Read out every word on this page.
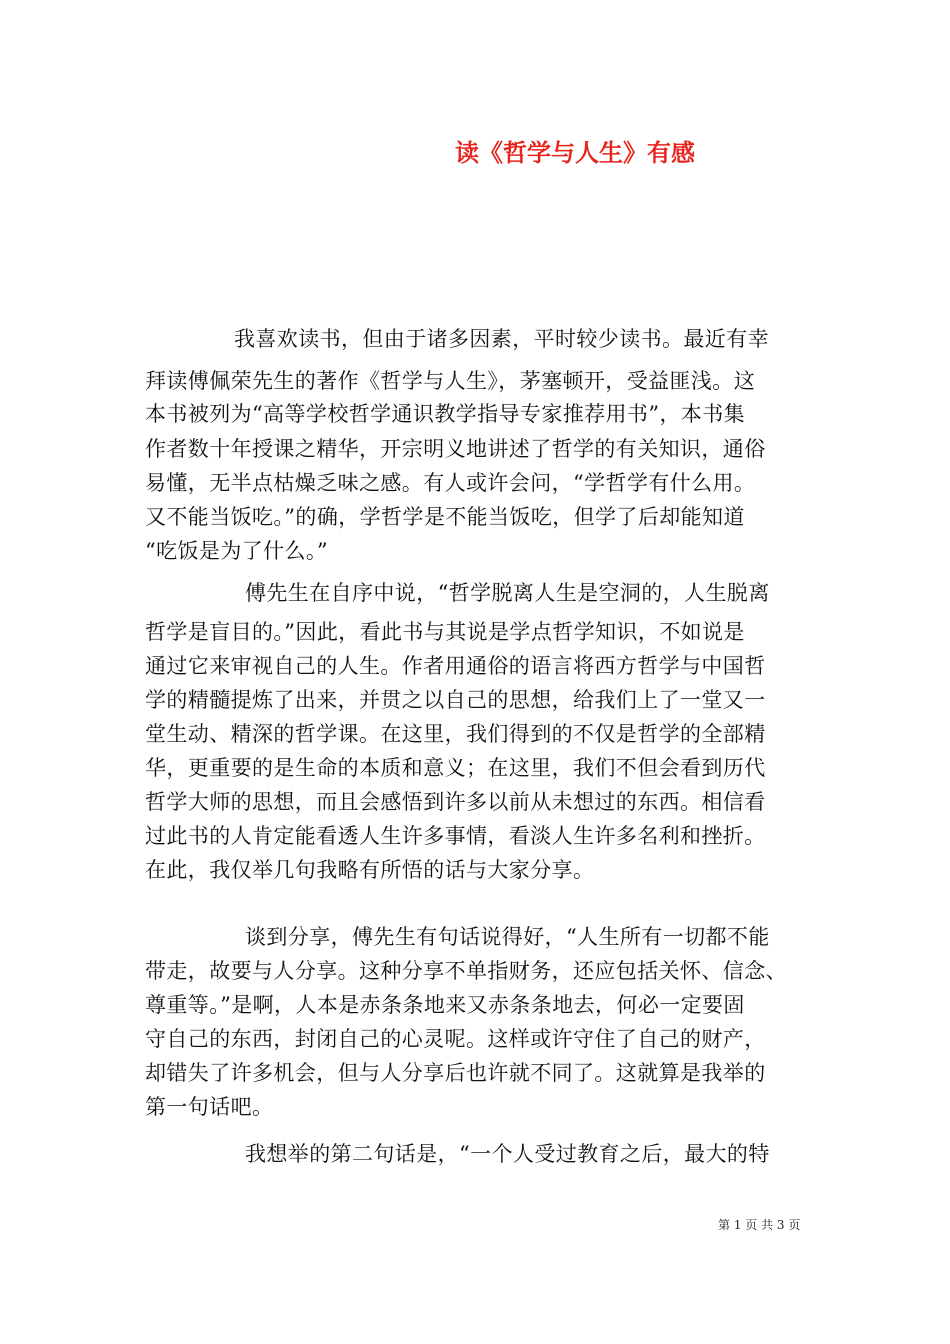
读《哲学与人生》有感
我喜欢读书，但由于诸多因素，平时较少读书。最近有幸
拜读傅佩荣先生的著作《哲学与人生》，茅塞顿开，受益匪浅。这
本书被列为“高等学校哲学通识教学指导专家推荐用书”，本书集
作者数十年授课之精华，开宗明义地讲述了哲学的有关知识，通俗
易懂，无半点枯燥乏味之感。有人或许会问，“学哲学有什么用。
又不能当饭吃。”的确，学哲学是不能当饭吃，但学了后却能知道
“吃饭是为了什么。”
傅先生在自序中说，“哲学脱离人生是空洞的，人生脱离
哲学是盲目的。”因此，看此书与其说是学点哲学知识，不如说是
通过它来审视自己的人生。作者用通俗的语言将西方哲学与中国哲
学的精髓提炼了出来，并贯之以自己的思想，给我们上了一堂又一
堂生动、精深的哲学课。在这里，我们得到的不仅是哲学的全部精
华，更重要的是生命的本质和意义；在这里，我们不但会看到历代
哲学大师的思想，而且会感悟到许多以前从未想过的东西。相信看
过此书的人肯定能看透人生许多事情，看淡人生许多名利和挫折。
在此，我仅举几句我略有所悟的话与大家分享。
谈到分享，傅先生有句话说得好，“人生所有一切都不能
带走，故要与人分享。这种分享不单指财务，还应包括关怀、信念、
尊重等。”是啊，人本是赤条条地来又赤条条地去，何必一定要固
守自己的东西，封闭自己的心灵呢。这样或许守住了自己的财产，
却错失了许多机会，但与人分享后也许就不同了。这就算是我举的
第一句话吧。
我想举的第二句话是，“一个人受过教育之后，最大的特
第 1 页 共 3 页
